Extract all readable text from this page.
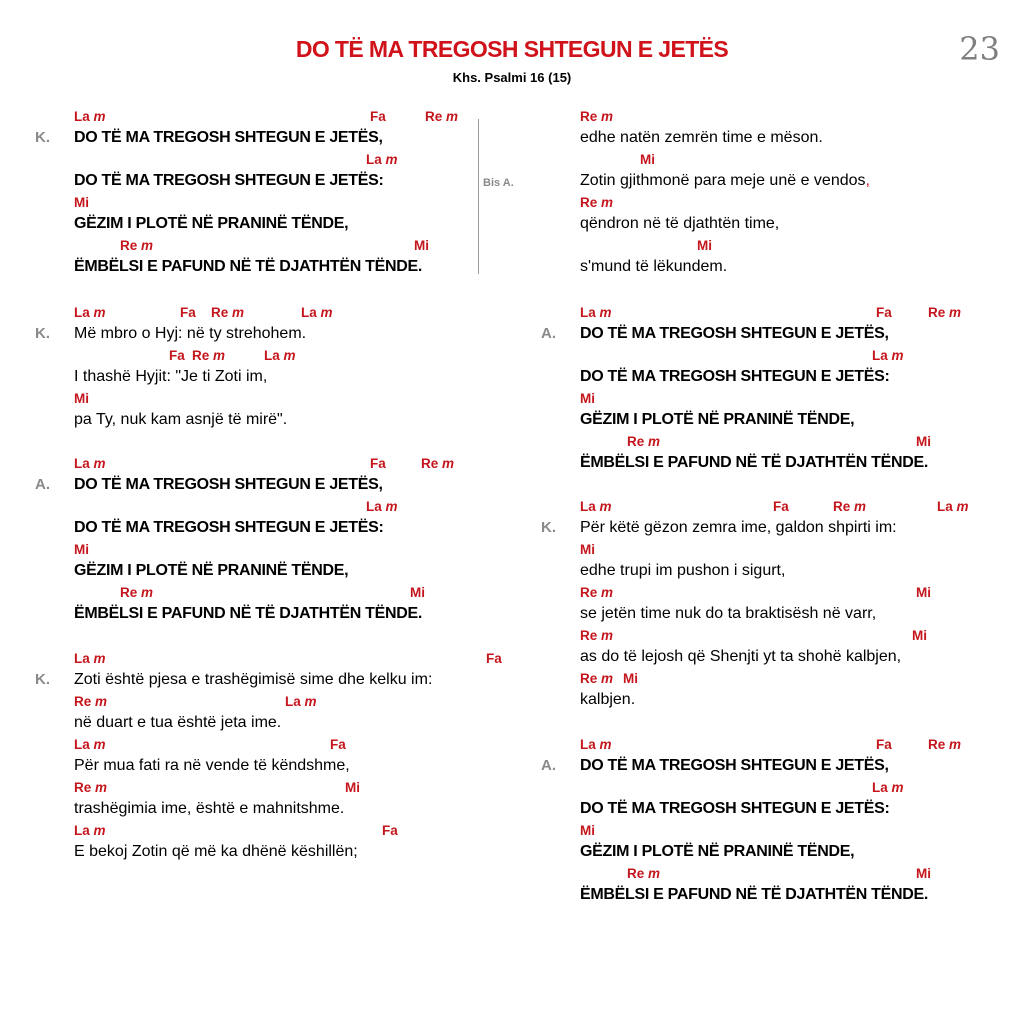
DO TË MA TREGOSH SHTEGUN E JETËS
Khs. Psalmi 16 (15)
23
La m	Fa	Re m
K. DO TË MA TREGOSH SHTEGUN E JETËS,
La m
DO TË MA TREGOSH SHTEGUN E JETËS:
Mi
GËZIM I PLOTË NË PRANINË TËNDE,
Re m	Mi
ËMBËLSI E PAFUND NË TË DJATHTËN TËNDE.
Bis A.
La m	Fa Re m	La m
K. Më mbro o Hyj: në ty strehohem.
Fa Re m	La m
I thashë Hyjit: "Je ti Zoti im,
Mi
pa Ty, nuk kam asnjë të mirë".
La m	Fa	Re m
A. DO TË MA TREGOSH SHTEGUN E JETËS,
La m
DO TË MA TREGOSH SHTEGUN E JETËS:
Mi
GËZIM I PLOTË NË PRANINË TËNDE,
Re m	Mi
ËMBËLSI E PAFUND NË TË DJATHTËN TËNDE.
La m	Fa
K. Zoti është pjesa e trashëgimisë sime dhe kelku im:
Re m	La m
në duart e tua është jeta ime.
La m	Fa
Për mua fati ra në vende të këndshme,
Re m	Mi
trashëgimia ime, është e mahnitshme.
La m	Fa
E bekoj Zotin që më ka dhënë këshillën;
Re m
edhe natën zemrën time e mëson.
Mi
Zotin gjithmonë para meje unë e vendos,
Re m
qëndron në të djathtën time,
Mi
s'mund të lëkundem.
La m	Fa	Re m
A. DO TË MA TREGOSH SHTEGUN E JETËS,
La m
DO TË MA TREGOSH SHTEGUN E JETËS:
Mi
GËZIM I PLOTË NË PRANINË TËNDE,
Re m	Mi
ËMBËLSI E PAFUND NË TË DJATHTËN TËNDE.
La m	Fa	Re m	La m
K. Për këtë gëzon zemra ime, galdon shpirti im:
Mi
edhe trupi im pushon i sigurt,
Re m	Mi
se jetën time nuk do ta braktisësh në varr,
Re m	Mi
as do të lejosh që Shenjti yt ta shohë kalbjen,
Re m Mi
kalbjen.
La m	Fa	Re m
A. DO TË MA TREGOSH SHTEGUN E JETËS,
La m
DO TË MA TREGOSH SHTEGUN E JETËS:
Mi
GËZIM I PLOTË NË PRANINË TËNDE,
Re m	Mi
ËMBËLSI E PAFUND NË TË DJATHTËN TËNDE.
